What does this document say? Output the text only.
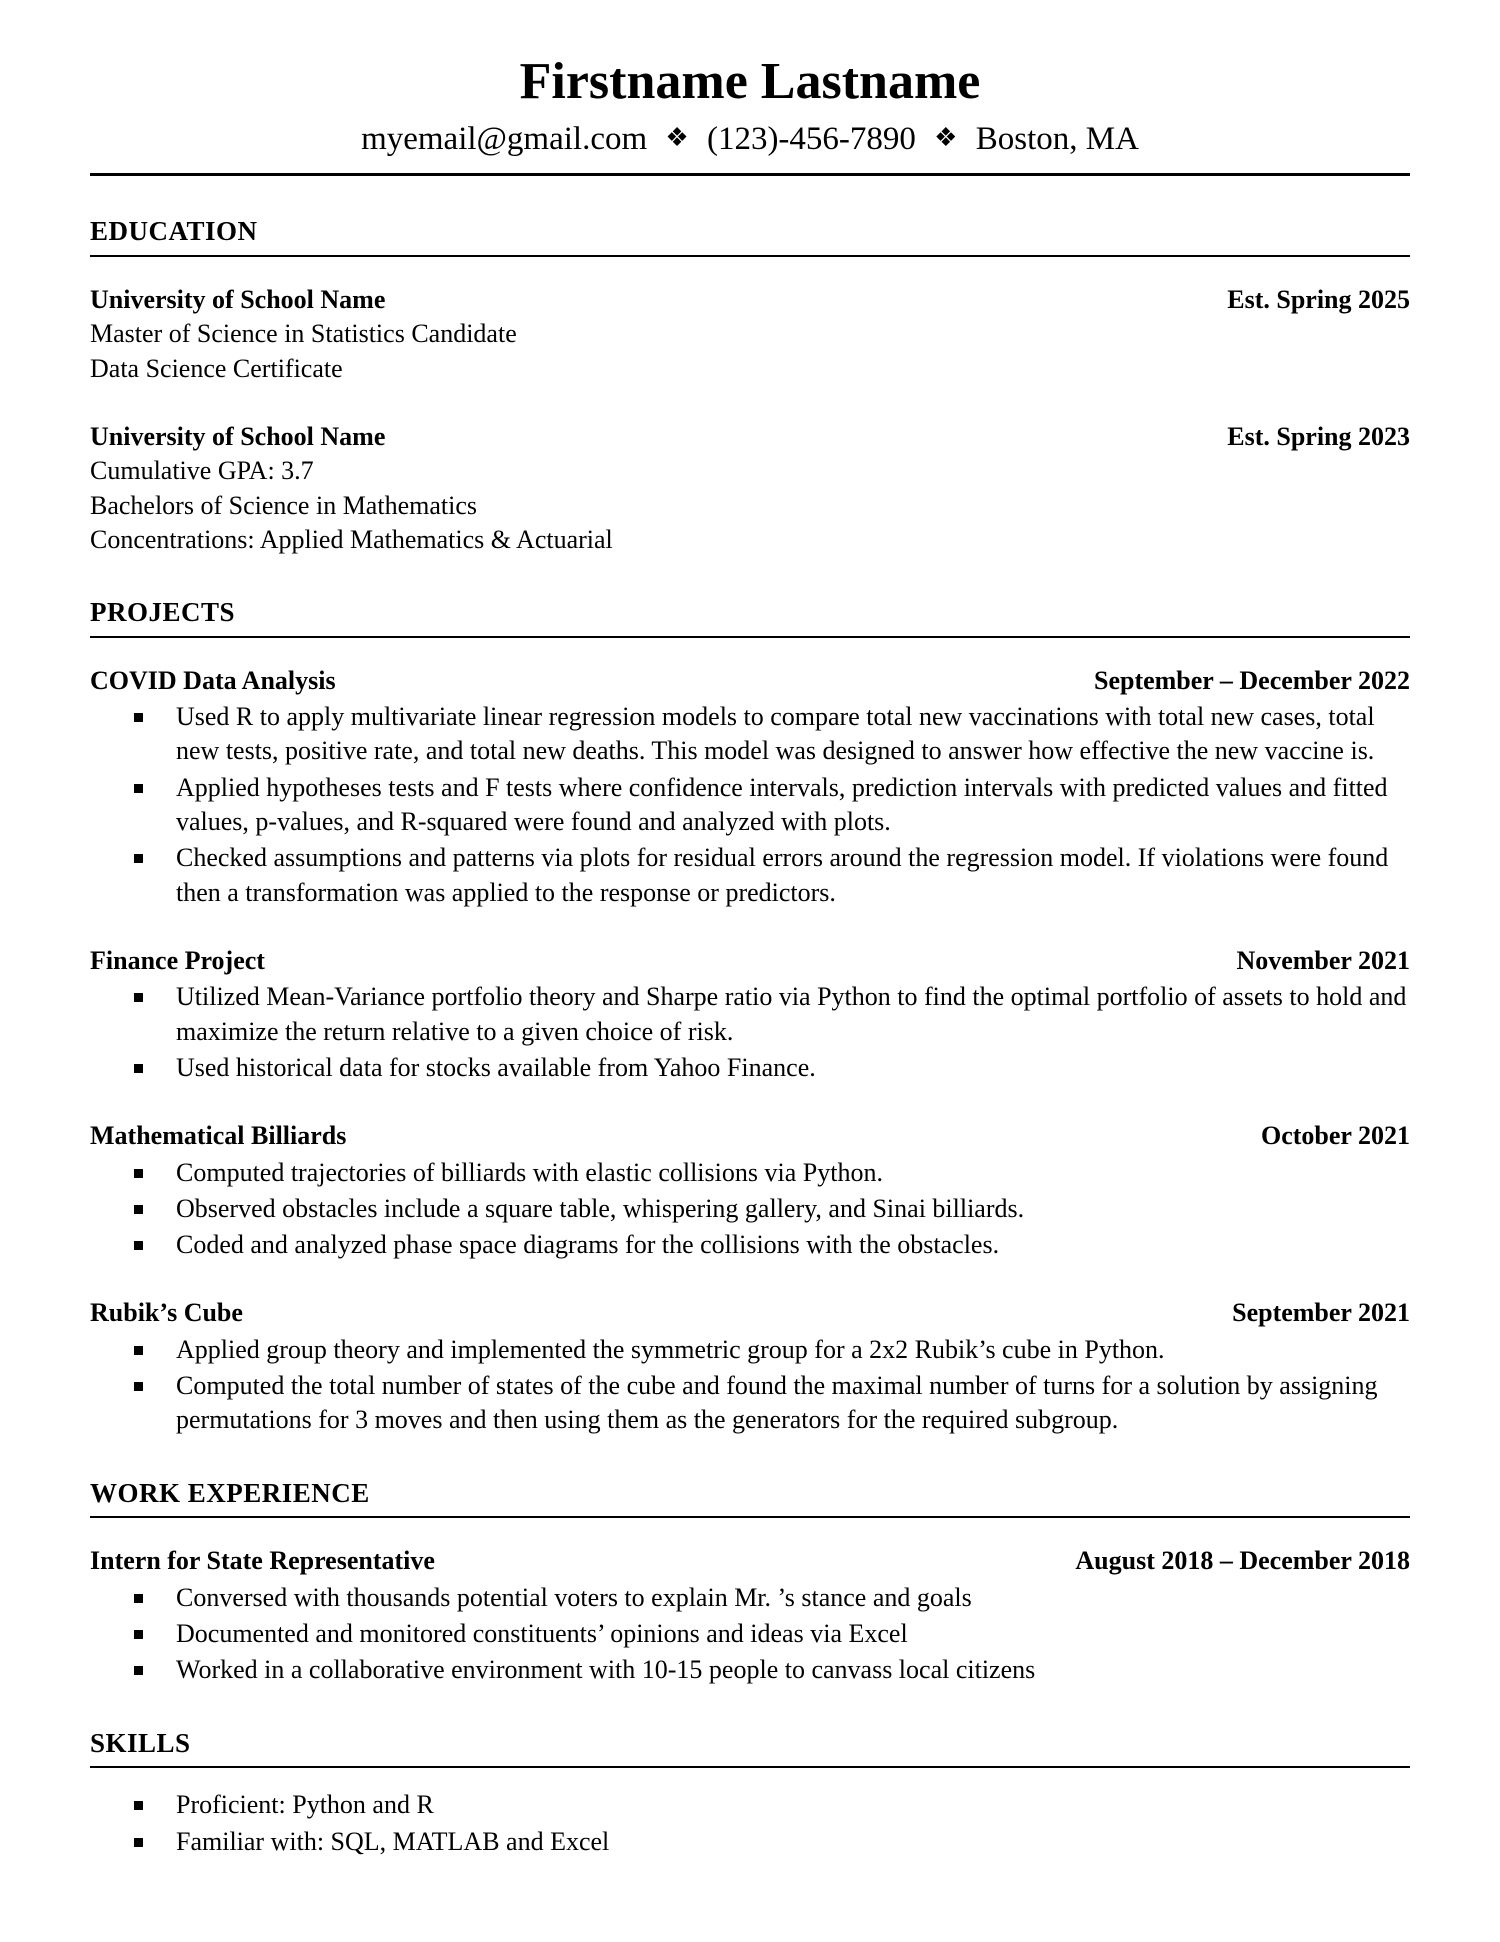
Firstname Lastname
myemail@gmail.com ❖ (123)-456-7890 ❖ Boston, MA
EDUCATION
University of School Name	Est. Spring 2025
Master of Science in Statistics Candidate
Data Science Certificate
University of School Name	Est. Spring 2023
Cumulative GPA: 3.7
Bachelors of Science in Mathematics
Concentrations: Applied Mathematics & Actuarial
PROJECTS
COVID Data Analysis	September – December 2022
Used R to apply multivariate linear regression models to compare total new vaccinations with total new cases, total new tests, positive rate, and total new deaths. This model was designed to answer how effective the new vaccine is.
Applied hypotheses tests and F tests where confidence intervals, prediction intervals with predicted values and fitted values, p-values, and R-squared were found and analyzed with plots.
Checked assumptions and patterns via plots for residual errors around the regression model. If violations were found then a transformation was applied to the response or predictors.
Finance Project	November 2021
Utilized Mean-Variance portfolio theory and Sharpe ratio via Python to find the optimal portfolio of assets to hold and maximize the return relative to a given choice of risk.
Used historical data for stocks available from Yahoo Finance.
Mathematical Billiards	October 2021
Computed trajectories of billiards with elastic collisions via Python.
Observed obstacles include a square table, whispering gallery, and Sinai billiards.
Coded and analyzed phase space diagrams for the collisions with the obstacles.
Rubik’s Cube	September 2021
Applied group theory and implemented the symmetric group for a 2x2 Rubik’s cube in Python.
Computed the total number of states of the cube and found the maximal number of turns for a solution by assigning permutations for 3 moves and then using them as the generators for the required subgroup.
WORK EXPERIENCE
Intern for State Representative	August 2018 – December 2018
Conversed with thousands potential voters to explain Mr. ’s stance and goals
Documented and monitored constituents’ opinions and ideas via Excel
Worked in a collaborative environment with 10-15 people to canvass local citizens
SKILLS
Proficient: Python and R
Familiar with: SQL, MATLAB and Excel
